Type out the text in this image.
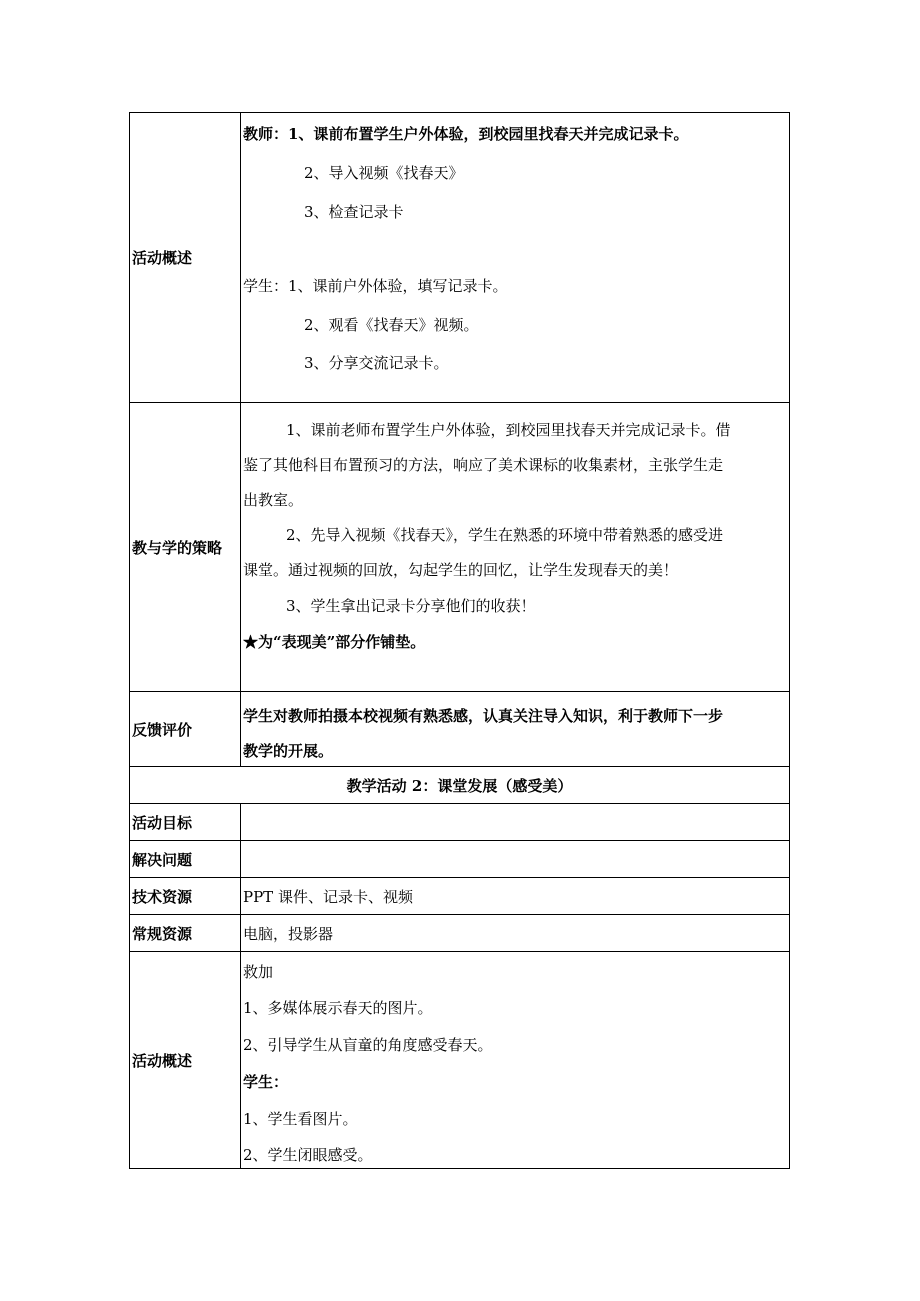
活动概述
教师：1、课前布置学生户外体验，到校园里找春天并完成记录卡。
2、导入视频《找春天》
3、检查记录卡
学生：1、课前户外体验，填写记录卡。
2、观看《找春天》视频。
3、分享交流记录卡。
教与学的策略
1、课前老师布置学生户外体验，到校园里找春天并完成记录卡。借
鉴了其他科目布置预习的方法，响应了美术课标的收集素材，主张学生走
出教室。
2、先导入视频《找春天》，学生在熟悉的环境中带着熟悉的感受进
课堂。通过视频的回放，勾起学生的回忆，让学生发现春天的美！
3、学生拿出记录卡分享他们的收获！
★为“表现美”部分作铺垫。
反馈评价
学生对教师拍摄本校视频有熟悉感，认真关注导入知识，利于教师下一步
教学的开展。
教学活动 2：课堂发展（感受美）
活动目标
解决问题
技术资源	PPT 课件、记录卡、视频
常规资源	电脑，投影器
活动概述
救加
1、多媒体展示春天的图片。
2、引导学生从盲童的角度感受春天。
学生：
1、学生看图片。
2、学生闭眼感受。
